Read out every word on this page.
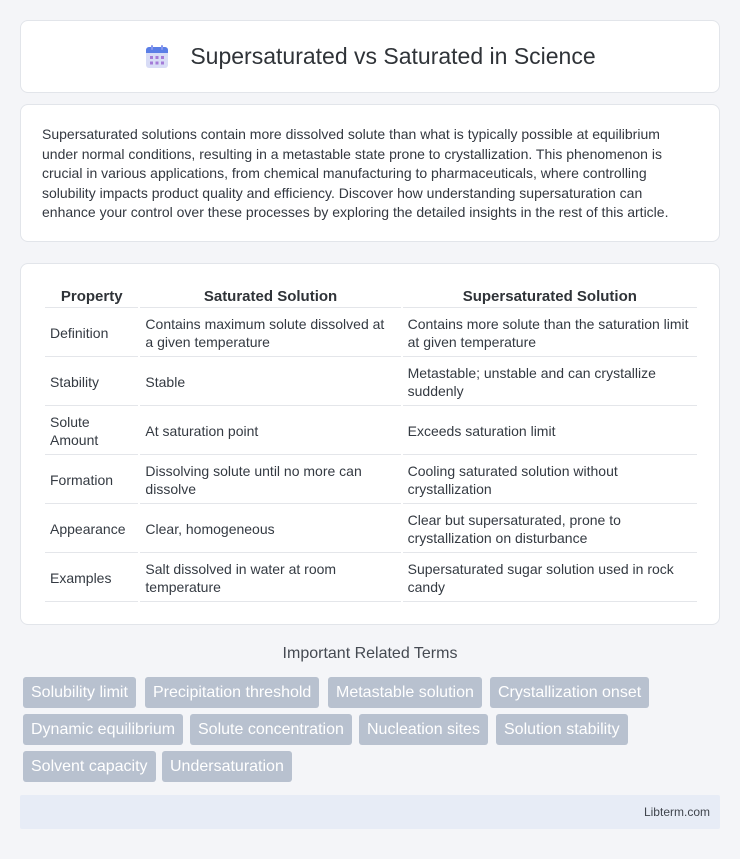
Supersaturated vs Saturated in Science

Supersaturated solutions contain more dissolved solute than what is typically possible at equilibrium under normal conditions, resulting in a metastable state prone to crystallization. This phenomenon is crucial in various applications, from chemical manufacturing to pharmaceuticals, where controlling solubility impacts product quality and efficiency. Discover how understanding supersaturation can enhance your control over these processes by exploring the detailed insights in the rest of this article.

Property	Saturated Solution	Supersaturated Solution
Definition	Contains maximum solute dissolved at a given temperature	Contains more solute than the saturation limit at given temperature
Stability	Stable	Metastable; unstable and can crystallize suddenly
Solute Amount	At saturation point	Exceeds saturation limit
Formation	Dissolving solute until no more can dissolve	Cooling saturated solution without crystallization
Appearance	Clear, homogeneous	Clear but supersaturated, prone to crystallization on disturbance
Examples	Salt dissolved in water at room temperature	Supersaturated sugar solution used in rock candy
Important Related Terms
Solubility limit	Precipitation threshold	Metastable solution	Crystallization onset
Dynamic equilibrium	Solute concentration	Nucleation sites	Solution stability
Solvent capacity	Undersaturation
Libterm.com
